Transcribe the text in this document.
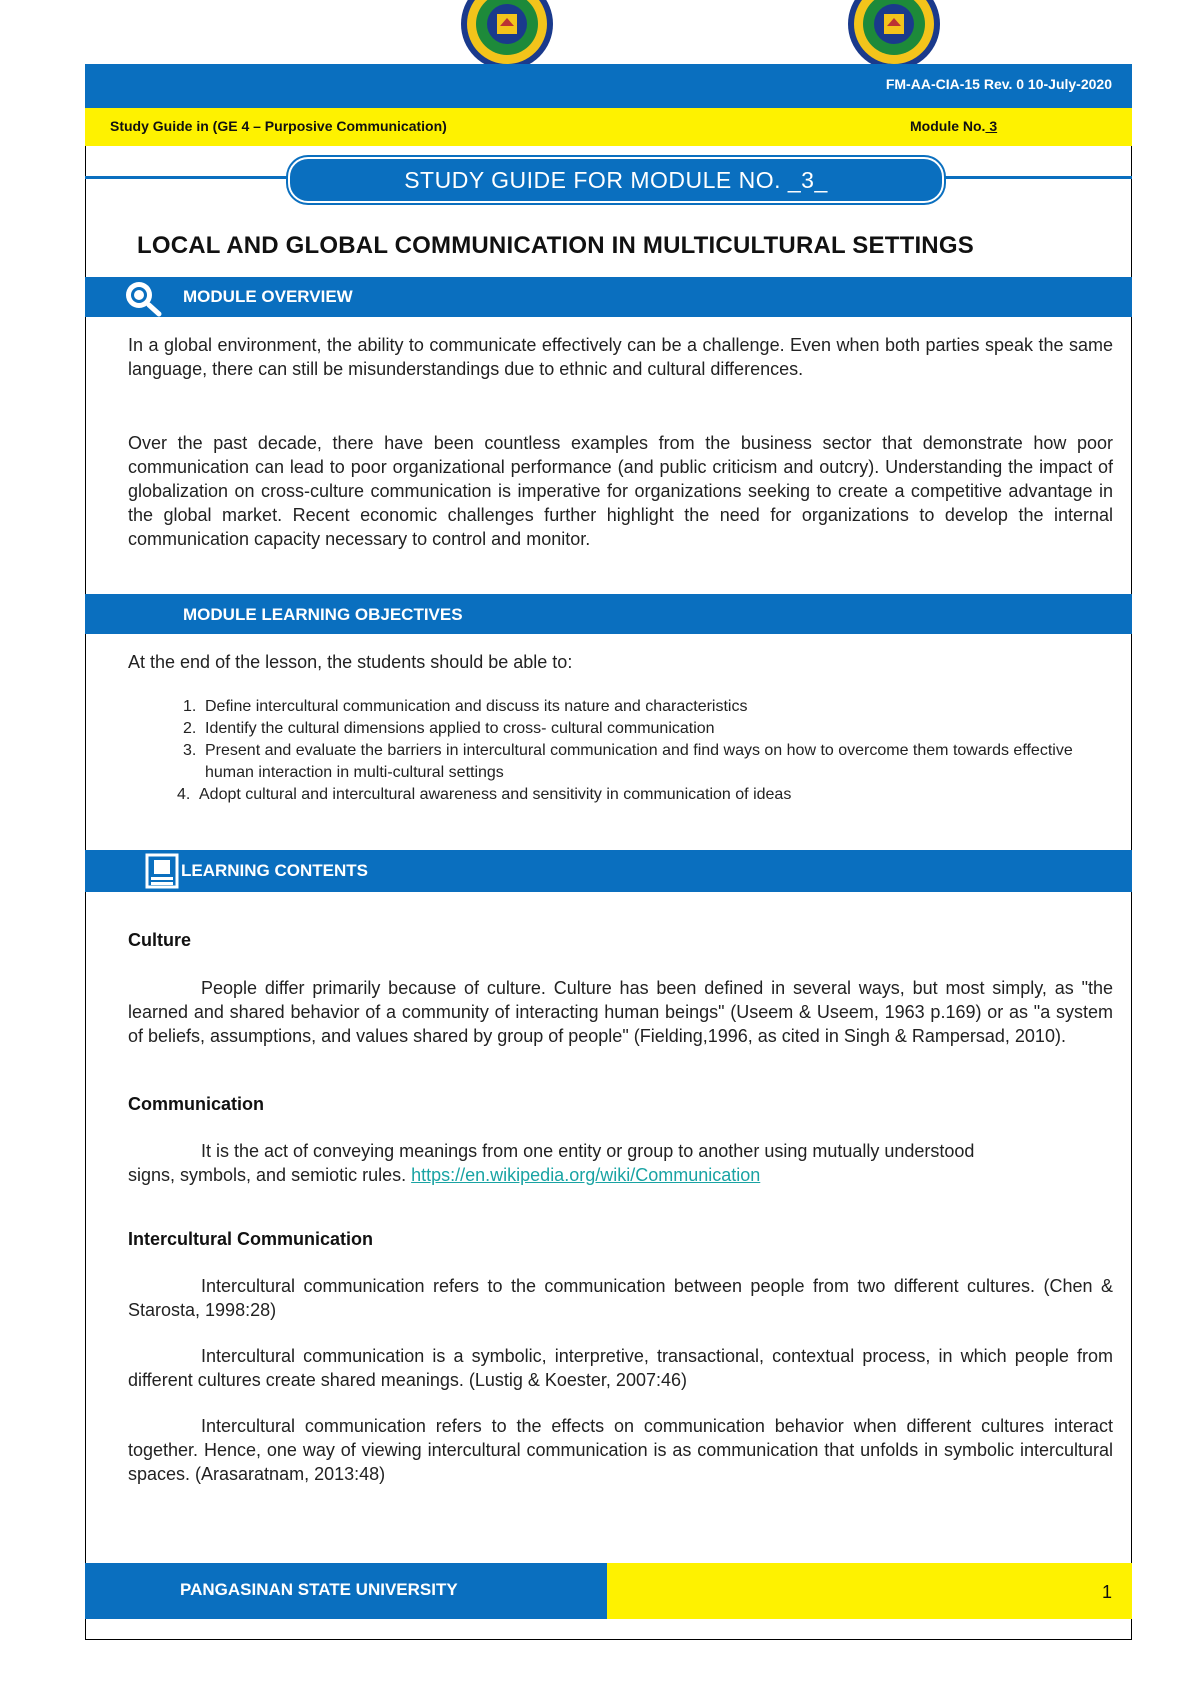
FM-AA-CIA-15 Rev. 0 10-July-2020
Study Guide in (GE 4 – Purposive Communication)	Module No. 3
STUDY GUIDE FOR MODULE NO. _3_
LOCAL AND GLOBAL COMMUNICATION IN MULTICULTURAL SETTINGS
MODULE OVERVIEW
In a global environment, the ability to communicate effectively can be a challenge. Even when both parties speak the same language, there can still be misunderstandings due to ethnic and cultural differences.
Over the past decade, there have been countless examples from the business sector that demonstrate how poor communication can lead to poor organizational performance (and public criticism and outcry). Understanding the impact of globalization on cross-culture communication is imperative for organizations seeking to create a competitive advantage in the global market. Recent economic challenges further highlight the need for organizations to develop the internal communication capacity necessary to control and monitor.
MODULE LEARNING OBJECTIVES
At the end of the lesson, the students should be able to:
1. Define intercultural communication and discuss its nature and characteristics
2. Identify the cultural dimensions applied to cross- cultural communication
3. Present and evaluate the barriers in intercultural communication and find ways on how to overcome them towards effective human interaction in multi-cultural settings
4. Adopt cultural and intercultural awareness and sensitivity in communication of ideas
LEARNING CONTENTS
Culture
People differ primarily because of culture. Culture has been defined in several ways, but most simply, as "the learned and shared behavior of a community of interacting human beings" (Useem & Useem, 1963 p.169) or as "a system of beliefs, assumptions, and values shared by group of people" (Fielding,1996, as cited in Singh & Rampersad, 2010).
Communication
It is the act of conveying meanings from one entity or group to another using mutually understood signs, symbols, and semiotic rules. https://en.wikipedia.org/wiki/Communication
Intercultural Communication
Intercultural communication refers to the communication between people from two different cultures. (Chen & Starosta, 1998:28)
Intercultural communication is a symbolic, interpretive, transactional, contextual process, in which people from different cultures create shared meanings. (Lustig & Koester, 2007:46)
Intercultural communication refers to the effects on communication behavior when different cultures interact together. Hence, one way of viewing intercultural communication is as communication that unfolds in symbolic intercultural spaces. (Arasaratnam, 2013:48)
PANGASINAN STATE UNIVERSITY	1
